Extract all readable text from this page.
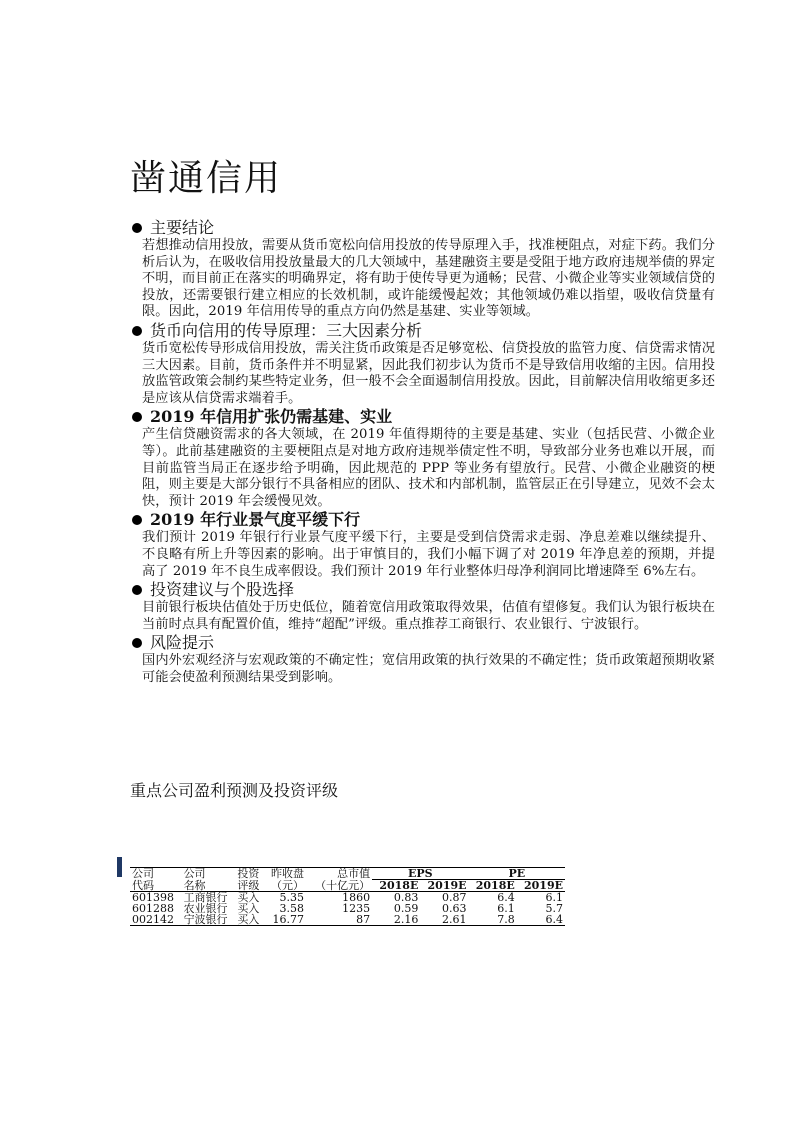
凿通信用
主要结论
若想推动信用投放，需要从货币宽松向信用投放的传导原理入手，找准梗阻点，对症下药。我们分析后认为，在吸收信用投放量最大的几大领域中，基建融资主要是受阻于地方政府违规举债的界定不明，而目前正在落实的明确界定，将有助于使传导更为通畅；民营、小微企业等实业领域信贷的投放，还需要银行建立相应的长效机制，或许能缓慢起效；其他领域仍难以指望，吸收信贷量有限。因此，2019 年信用传导的重点方向仍然是基建、实业等领域。
货币向信用的传导原理：三大因素分析
货币宽松传导形成信用投放，需关注货币政策是否足够宽松、信贷投放的监管力度、信贷需求情况三大因素。目前，货币条件并不明显紧，因此我们初步认为货币不是导致信用收缩的主因。信用投放监管政策会制约某些特定业务，但一般不会全面遏制信用投放。因此，目前解决信用收缩更多还是应该从信贷需求端着手。
2019 年信用扩张仍需基建、实业
产生信贷融资需求的各大领域，在 2019 年值得期待的主要是基建、实业（包括民营、小微企业等）。此前基建融资的主要梗阻点是对地方政府违规举债定性不明，导致部分业务也难以开展，而目前监管当局正在逐步给予明确，因此规范的 PPP 等业务有望放行。民营、小微企业融资的梗阻，则主要是大部分银行不具备相应的团队、技术和内部机制，监管层正在引导建立，见效不会太快，预计 2019 年会缓慢见效。
2019 年行业景气度平缓下行
我们预计 2019 年银行行业景气度平缓下行，主要是受到信贷需求走弱、净息差难以继续提升、不良略有所上升等因素的影响。出于审慎目的，我们小幅下调了对 2019 年净息差的预期，并提高了 2019 年不良生成率假设。我们预计 2019 年行业整体归母净利润同比增速降至 6%左右。
投资建议与个股选择
目前银行板块估值处于历史低位，随着宽信用政策取得效果，估值有望修复。我们认为银行板块在当前时点具有配置价值，维持“超配”评级。重点推荐工商银行、农业银行、宁波银行。
风险提示
国内外宏观经济与宏观政策的不确定性；宽信用政策的执行效果的不确定性；货币政策超预期收紧可能会使盈利预测结果受到影响。
重点公司盈利预测及投资评级
公司	公司	投资	昨收盘	总市值	EPS		PE	
代码	名称	评级	（元）	（十亿元）	2018E	2019E	2018E	2019E
601398	工商银行	买入	5.35	1860	0.83	0.87	6.4	6.1
601288	农业银行	买入	3.58	1235	0.59	0.63	6.1	5.7
002142	宁波银行	买入	16.77	87	2.16	2.61	7.8	6.4
